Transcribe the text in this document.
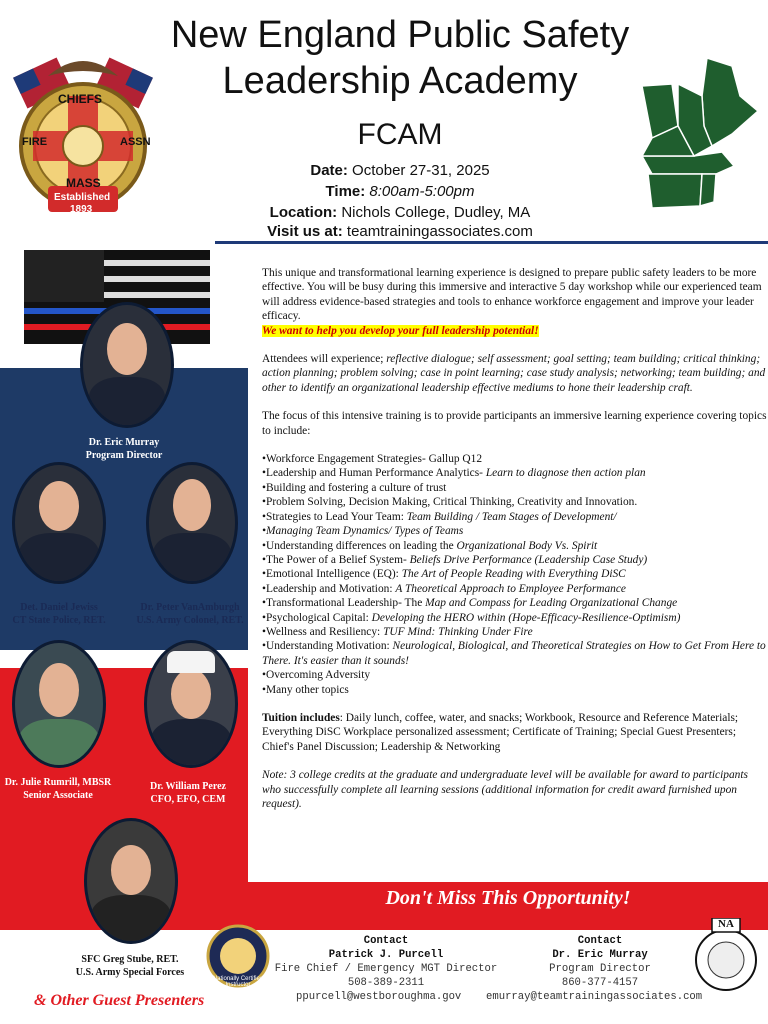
CHIEFS
FIRE	ASSN
MASS
Established
1893
New England Public Safety
Leadership Academy
FCAM
Date: October 27-31, 2025
Time: 8:00am-5:00pm
Location: Nichols College, Dudley, MA
Visit us at: teamtrainingassociates.com
Dr. Eric Murray
Program Director
Det. Daniel Jewiss
CT State Police, RET.
Dr. Peter VanAmburgh
U.S. Army Colonel, RET.
Dr. Julie Rumrill, MBSR
Senior Associate
Dr. William Perez
CFO, EFO, CEM
SFC Greg Stube, RET.
U.S. Army Special Forces

This unique and transformational learning experience is designed to prepare public safety leaders to be more effective. You will be busy during this immersive and interactive 5 day workshop while our experienced team will address evidence-based strategies and tools to enhance workforce engagement and improve your leader efficacy.

We want to help you develop your full leadership potential!

Attendees will experience; reflective dialogue; self assessment; goal setting; team building; critical thinking; action planning; problem solving; case in point learning; case study analysis; networking; team building; and other to identify an organizational leadership effective mediums to hone their leadership craft.

The focus of this intensive training is to provide participants an immersive learning experience covering topics to include:

•Workforce Engagement Strategies- Gallup Q12
•Leadership and Human Performance Analytics- Learn to diagnose then action plan
•Building and fostering a culture of trust
•Problem Solving, Decision Making, Critical Thinking, Creativity and Innovation.
•Strategies to Lead Your Team: Team Building / Team Stages of Development/
•Managing Team Dynamics/ Types of Teams
•Understanding differences on leading the Organizational Body Vs. Spirit
•The Power of a Belief System- Beliefs Drive Performance (Leadership Case Study)
•Emotional Intelligence (EQ): The Art of People Reading with Everything DiSC
•Leadership and Motivation: A Theoretical Approach to Employee Performance
•Transformational Leadership- The Map and Compass for Leading Organizational Change
•Psychological Capital: Developing the HERO within (Hope-Efficacy-Resilience-Optimism)
•Wellness and Resiliency: TUF Mind: Thinking Under Fire
•Understanding Motivation: Neurological, Biological, and Theoretical Strategies on How to Get From Here to There. It's easier than it sounds!
•Overcoming Adversity
•Many other topics

Tuition includes: Daily lunch, coffee, water, and snacks; Workbook, Resource and Reference Materials; Everything DiSC Workplace personalized assessment; Certificate of Training; Special Guest Presenters; Chief's Panel Discussion; Leadership & Networking

Note: 3 college credits at the graduate and undergraduate level will be available for award to participants who successfully complete all learning sessions (additional information for credit award furnished upon request).

Don't Miss This Opportunity!
Nationally Certified Instructor
NA
Contact
Patrick J. Purcell
Fire Chief / Emergency MGT Director
508-389-2311
Contact
Dr. Eric Murray
Program Director
860-377-4157
ppurcell@westboroughma.gov	emurray@teamtrainingassociates.com
& Other Guest Presenters
